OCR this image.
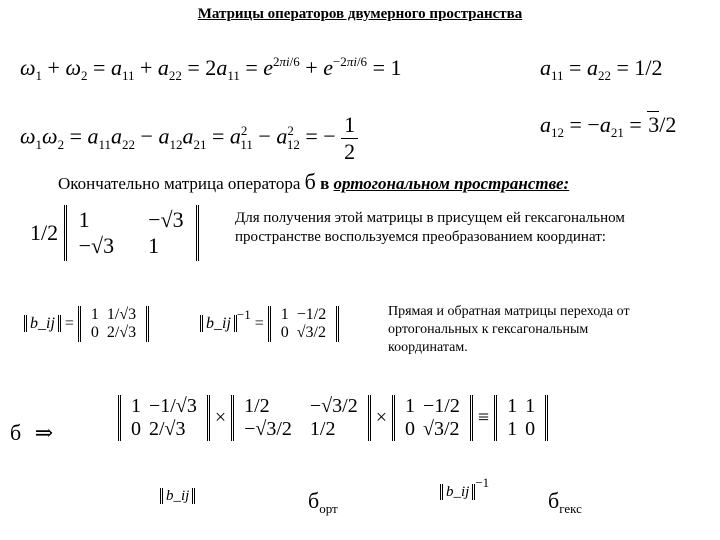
Матрицы операторов двумерного пространства
$\omega_1 + \omega_2 = a_{11} + a_{22} = 2a_{11} = e^{2\pi i/6} + e^{-2\pi i/6} = 1$	$a_{11} = a_{22} = 1/2$
$\omega_1\omega_2 = a_{11}a_{22} - a_{12}a_{21} = a^2_{11} - a^2_{12}$ = − $\frac{1}{2}$	$a_{12} = -a_{21} = 3/2$
Окончательно матрица оператора б в ортогональном пространстве:
1/2
1	−√3
−√3	1
Для получения этой матрицы в присущем ей гексагональном пространстве воспользуемся преобразованием координат:
b_ij =
1	1/√3
0	2/√3
$b\_ij^{-1}$ =
1	−1/2
0	√3/2
Прямая и обратная матрицы перехода от ортогональных к гексагональным координатам.
б ⇒
1	−1/√3
0	2/√3
×
1/2	−√3/2
−√3/2	1/2
×
1	−1/2
0	√3/2
≡
1	1
1	0
b_ij	$б_{орт}$
b_ij−1
$б_{гекс}$
